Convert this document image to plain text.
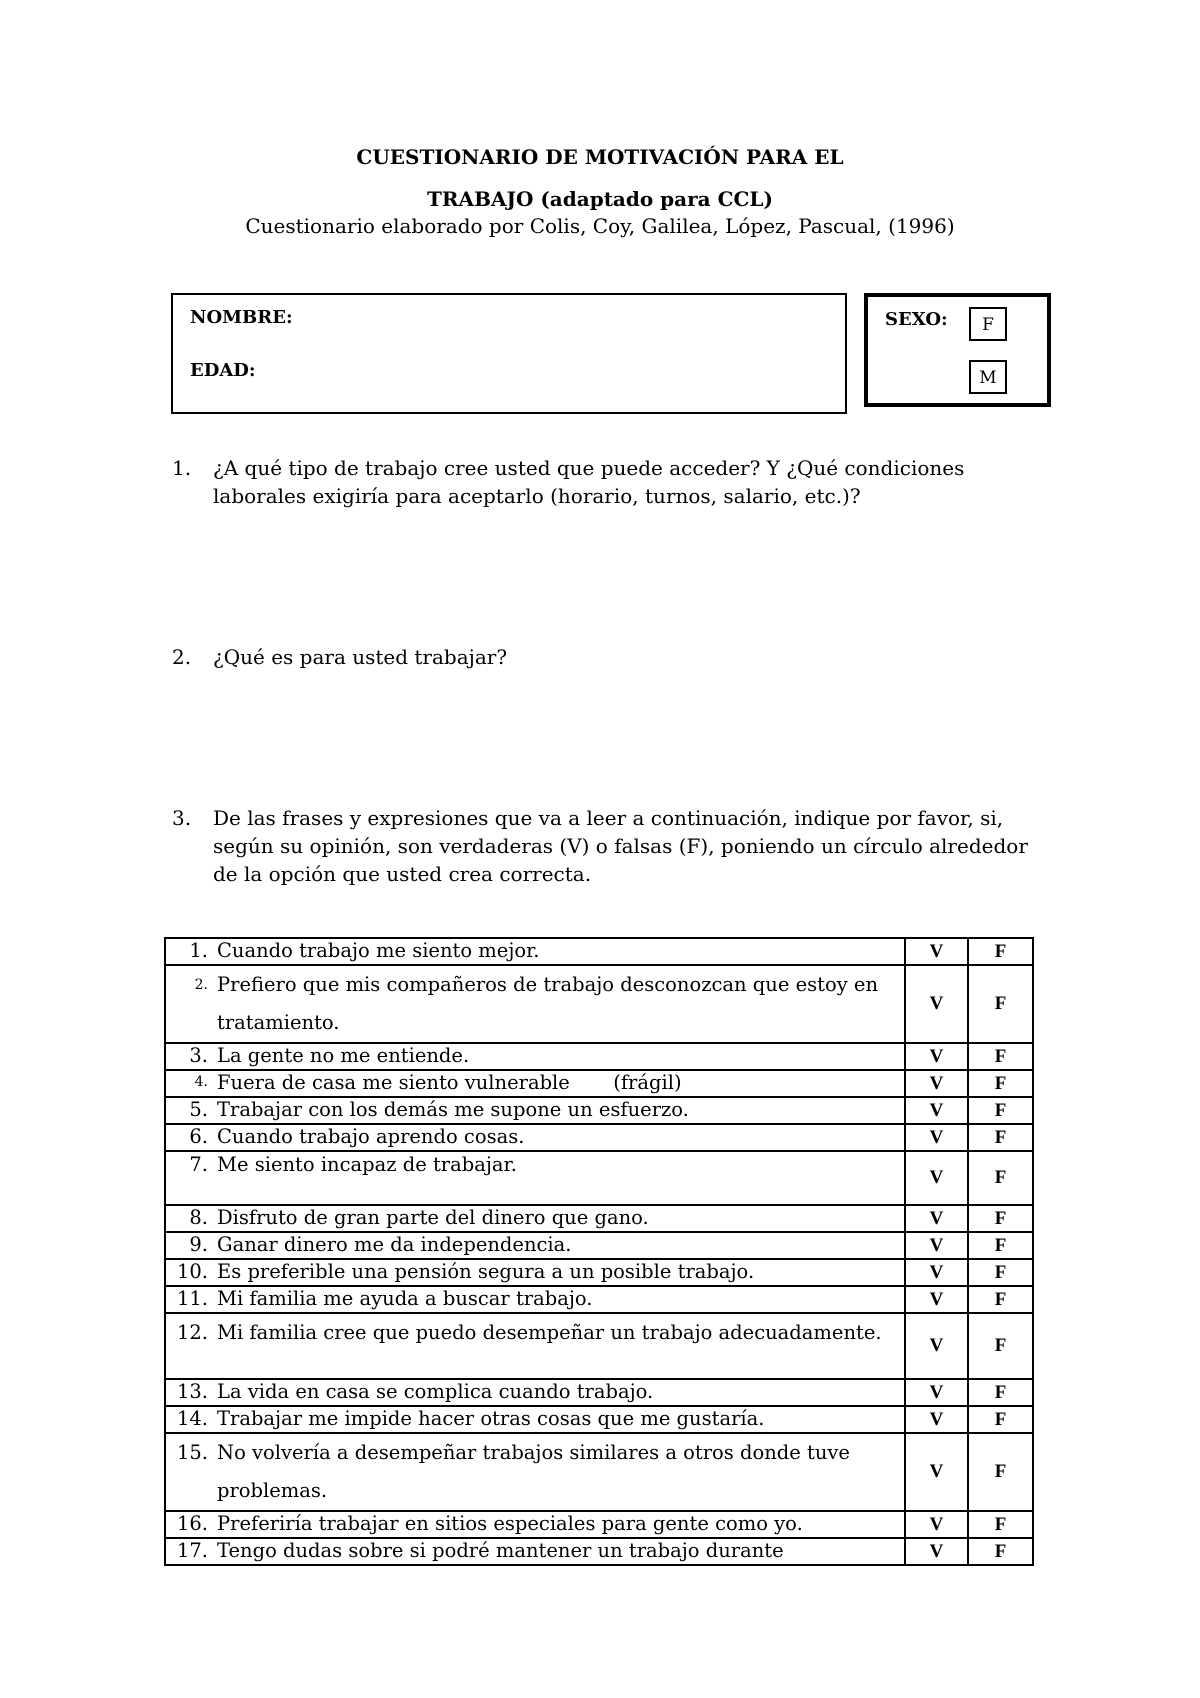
CUESTIONARIO DE MOTIVACIÓN PARA EL
TRABAJO (adaptado para CCL)
Cuestionario elaborado por Colis, Coy, Galilea, López, Pascual, (1996)
NOMBRE:
EDAD:
SEXO:	F
M
1. ¿A qué tipo de trabajo cree usted que puede acceder? Y ¿Qué condiciones laborales exigiría para aceptarlo (horario, turnos, salario, etc.)?
2. ¿Qué es para usted trabajar?
3. De las frases y expresiones que va a leer a continuación, indique por favor, si, según su opinión, son verdaderas (V) o falsas (F), poniendo un círculo alrededor de la opción que usted crea correcta.
1. Cuando trabajo me siento mejor.	V	F

2. Prefiero que mis compañeros de trabajo desconozcan que estoy en tratamiento.	V	F

3. La gente no me entiende.	V	F

4. Fuera de casa me siento vulnerable       (frágil)	V	F

5. Trabajar con los demás me supone un esfuerzo.	V	F

6. Cuando trabajo aprendo cosas.	V	F

7. Me siento incapaz de trabajar.	V	F

8. Disfruto de gran parte del dinero que gano.	V	F

9. Ganar dinero me da independencia.	V	F

10. Es preferible una pensión segura a un posible trabajo.	V	F

11. Mi familia me ayuda a buscar trabajo.	V	F

12. Mi familia cree que puedo desempeñar un trabajo adecuadamente.	V	F

13. La vida en casa se complica cuando trabajo.	V	F

14. Trabajar me impide hacer otras cosas que me gustaría.	V	F

15. No volvería a desempeñar trabajos similares a otros donde tuve problemas.	V	F

16. Preferiría trabajar en sitios especiales para gente como yo.	V	F

17. Tengo dudas sobre si podré mantener un trabajo durante	V	F
